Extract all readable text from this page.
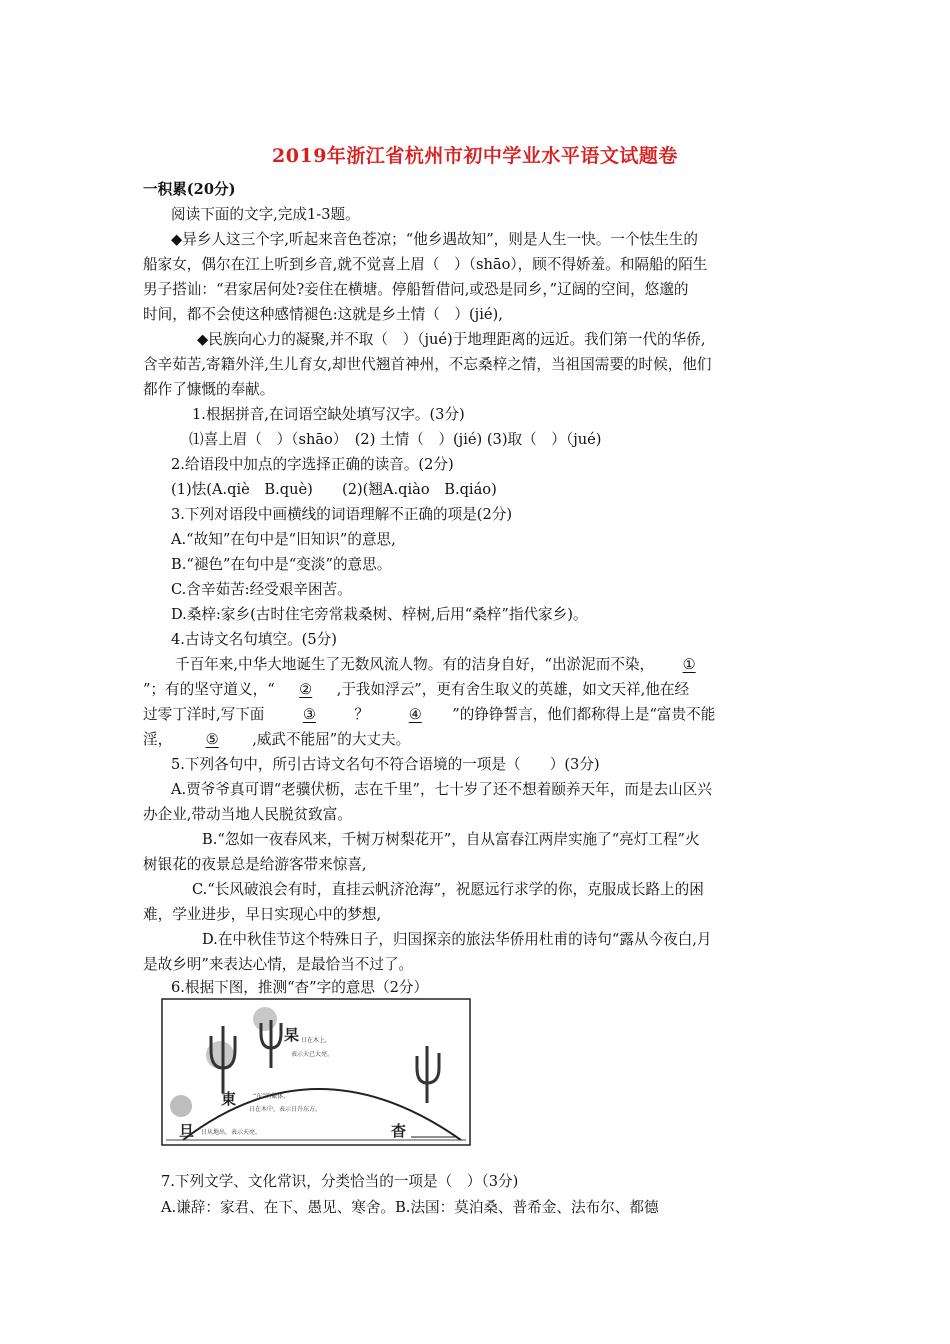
2019年浙江省杭州市初中学业水平语文试题卷
一积累(20分)
阅读下面的文字,完成1-3题。
◆异乡人这三个字,听起来音色苍凉；“他乡遇故知”，则是人生一快。一个怯生生的
船家女，偶尔在江上听到乡音,就不觉喜上眉（　）（shāo），顾不得娇羞。和隔船的陌生
男子搭讪：“君家居何处?妾住在横塘。停船暂借问,或恐是同乡，”辽阔的空间，悠邈的
时间，都不会使这种感情褪色:这就是乡土情（　）(jié),
◆民族向心力的凝聚,并不取（　）（jué)于地理距离的远近。我们第一代的华侨,
含辛茹苦,寄籍外洋,生儿育女,却世代翘首神州，不忘桑梓之情，当祖国需要的时候，他们
都作了慷慨的奉献。
1.根据拼音,在词语空缺处填写汉字。(3分)
⑴喜上眉（　）（shāo）　(2) 土情（　）(jié) (3)取（　）（jué)
2.给语段中加点的字选择正确的读音。(2分)
(1)怯(A.qiè　B.què)　　(2)(翘A.qiào　B.qiáo)
3.下列对语段中画横线的词语理解不正确的项是(2分)
A.“故知”在句中是“旧知识”的意思,
B.“褪色”在句中是“变淡”的意思。
C.含辛茹苦:经受艰辛困苦。
D.桑梓:家乡(古时住宅旁常栽桑树、梓树,后用“桑梓”指代家乡)。
4.古诗文名句填空。(5分)
千百年来,中华大地诞生了无数风流人物。有的洁身自好，“出淤泥而不染， ①
”；有的坚守道义，“ ② ,于我如浮云”，更有舍生取义的英雄，如文天祥,他在经
过零丁洋时,写下面	③	？	④ ”的铮铮誓言，他们都称得上是“富贵不能
淫， ⑤ ,威武不能屈”的大丈夫。
5.下列各句中，所引古诗文名句不符合语境的一项是（　　）(3分)
A.贾爷爷真可谓“老骥伏枥，志在千里”，七十岁了还不想着颐养天年，而是去山区兴
办企业,带动当地人民脱贫致富。
B.“忽如一夜春风来，千树万树梨花开”，自从富春江两岸实施了“亮灯工程”火
树银花的夜景总是给游客带来惊喜,
C.“长风破浪会有时，直挂云帆济沧海”，祝愿远行求学的你，克服成长路上的困
难，学业进步，早日实现心中的梦想,
D.在中秋佳节这个特殊日子，归国探亲的旅法华侨用杜甫的诗句“露从今夜白,月
是故乡明”来表达心情，是最恰当不过了。
6.根据下图，推测“杳”字的意思（2分）
杲 日在木上,
表示天已大亮。
東	“东”的繁体,
日在木中，表示日升东方。
旦 日从地出，表示天亮。	杳
7.下列文学、文化常识，分类恰当的一项是（　）（3分)
A.谦辞：家君、在下、愚见、寒舍。B.法国：莫泊桑、普希金、法布尔、都德
